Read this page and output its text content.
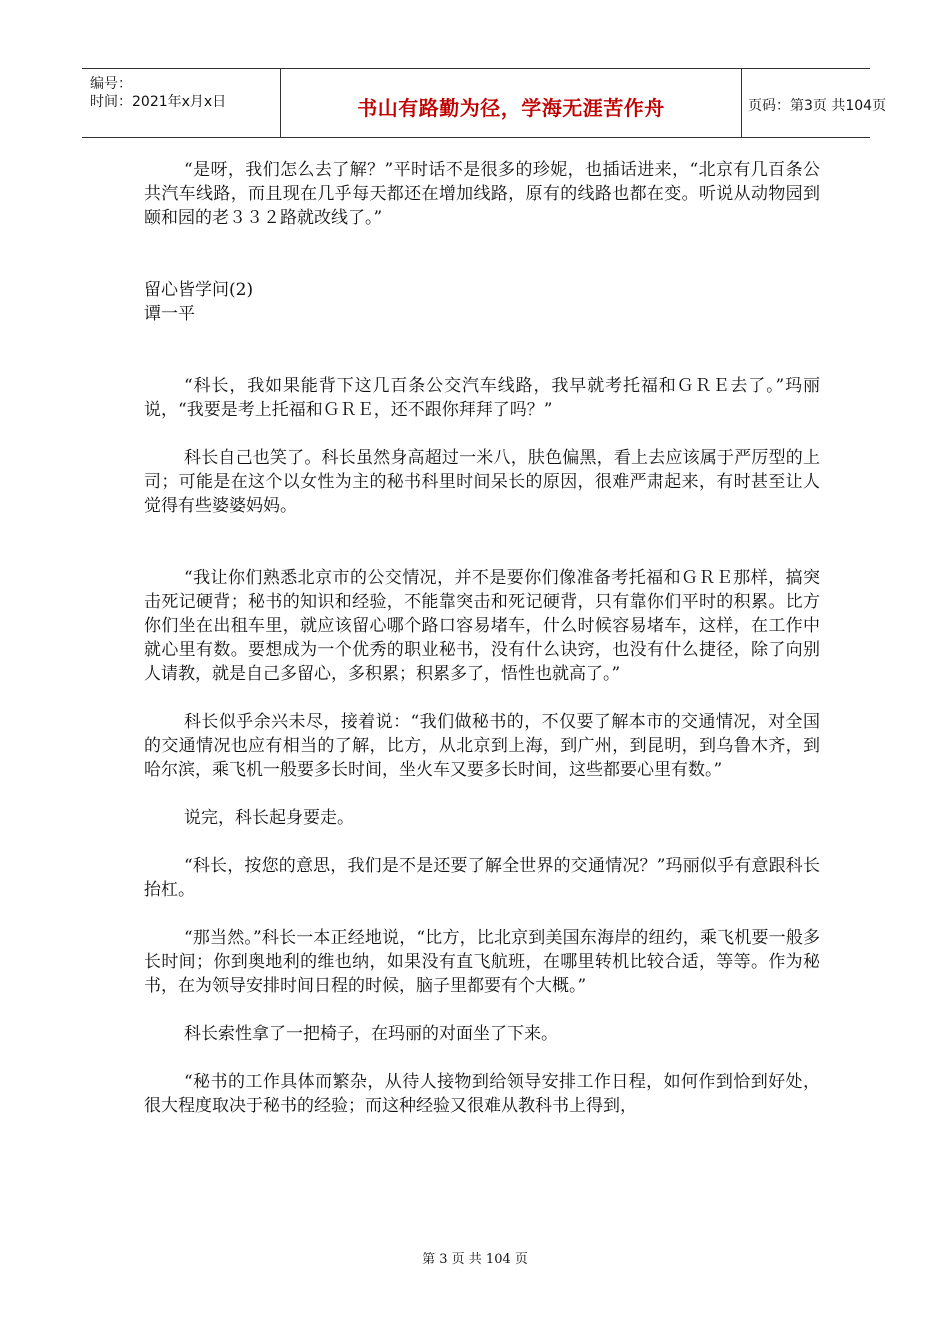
编号：
时间：2021年x月x日	书山有路勤为径，学海无涯苦作舟	页码：第3页 共104页

“是呀，我们怎么去了解？”平时话不是很多的珍妮，也插话进来，“北京有几百条公共汽车线路，而且现在几乎每天都还在增加线路，原有的线路也都在变。听说从动物园到颐和园的老３３２路就改线了。”

留心皆学问(2)

谭一平

“科长，我如果能背下这几百条公交汽车线路，我早就考托福和ＧＲＥ去了。”玛丽说，“我要是考上托福和ＧＲＥ，还不跟你拜拜了吗？”

科长自己也笑了。科长虽然身高超过一米八，肤色偏黑，看上去应该属于严厉型的上司；可能是在这个以女性为主的秘书科里时间呆长的原因，很难严肃起来，有时甚至让人觉得有些婆婆妈妈。

“我让你们熟悉北京市的公交情况，并不是要你们像准备考托福和ＧＲＥ那样，搞突击死记硬背；秘书的知识和经验，不能靠突击和死记硬背，只有靠你们平时的积累。比方你们坐在出租车里，就应该留心哪个路口容易堵车，什么时候容易堵车，这样，在工作中就心里有数。要想成为一个优秀的职业秘书，没有什么诀窍，也没有什么捷径，除了向别人请教，就是自己多留心，多积累；积累多了，悟性也就高了。”

科长似乎余兴未尽，接着说：“我们做秘书的，不仅要了解本市的交通情况，对全国的交通情况也应有相当的了解，比方，从北京到上海，到广州，到昆明，到乌鲁木齐，到哈尔滨，乘飞机一般要多长时间，坐火车又要多长时间，这些都要心里有数。”

说完，科长起身要走。

“科长，按您的意思，我们是不是还要了解全世界的交通情况？”玛丽似乎有意跟科长抬杠。

“那当然。”科长一本正经地说，“比方，比北京到美国东海岸的纽约，乘飞机要一般多长时间；你到奥地利的维也纳，如果没有直飞航班，在哪里转机比较合适，等等。作为秘书，在为领导安排时间日程的时候，脑子里都要有个大概。”

科长索性拿了一把椅子，在玛丽的对面坐了下来。

“秘书的工作具体而繁杂，从待人接物到给领导安排工作日程，如何作到恰到好处，很大程度取决于秘书的经验；而这种经验又很难从教科书上得到，

第 3 页 共 104 页
